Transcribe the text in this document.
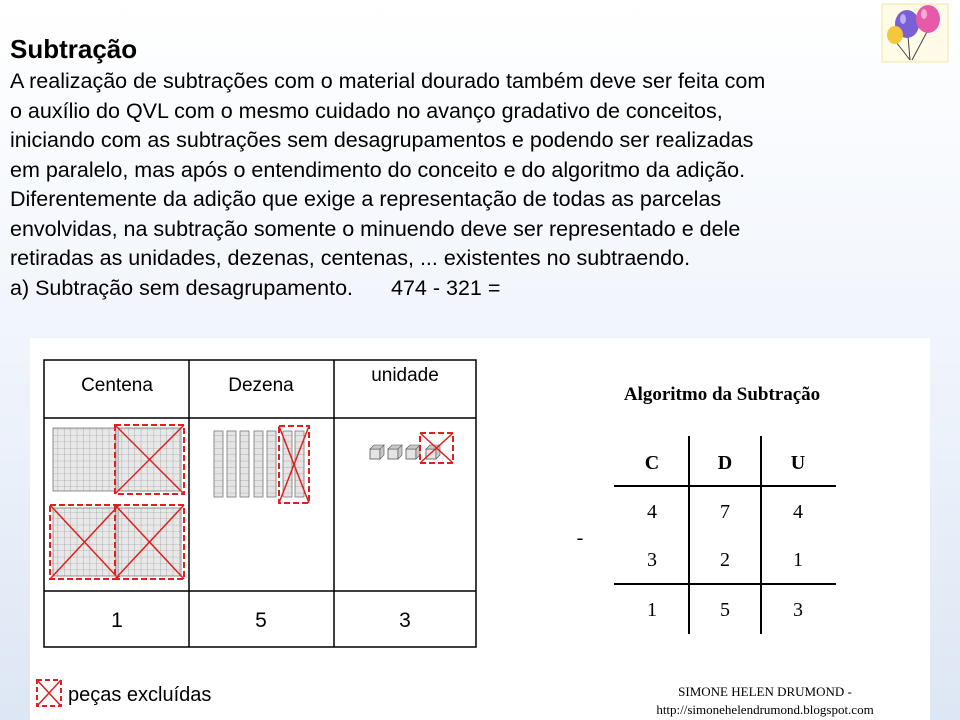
Subtração
A realização de subtrações com o material dourado também deve ser feita com
o auxílio do QVL com o mesmo cuidado no avanço gradativo de conceitos,
iniciando com as subtrações sem desagrupamentos e podendo ser realizadas
em paralelo, mas após o entendimento do conceito e do algoritmo da adição.
Diferentemente da adição que exige a representação de todas as parcelas
envolvidas, na subtração somente o minuendo deve ser representado e dele
retiradas as unidades, dezenas, centenas, ... existentes no subtraendo.
a) Subtração sem desagrupamento. 474 - 321 =
Centena	Dezena	unidade
1	5	3
peças excluídas
C	D	U
4	7	4
3	2	1
1	5	3
-
Algoritmo da Subtração
SIMONE HELEN DRUMOND -
http://simonehelendrumond.blogspot.com
